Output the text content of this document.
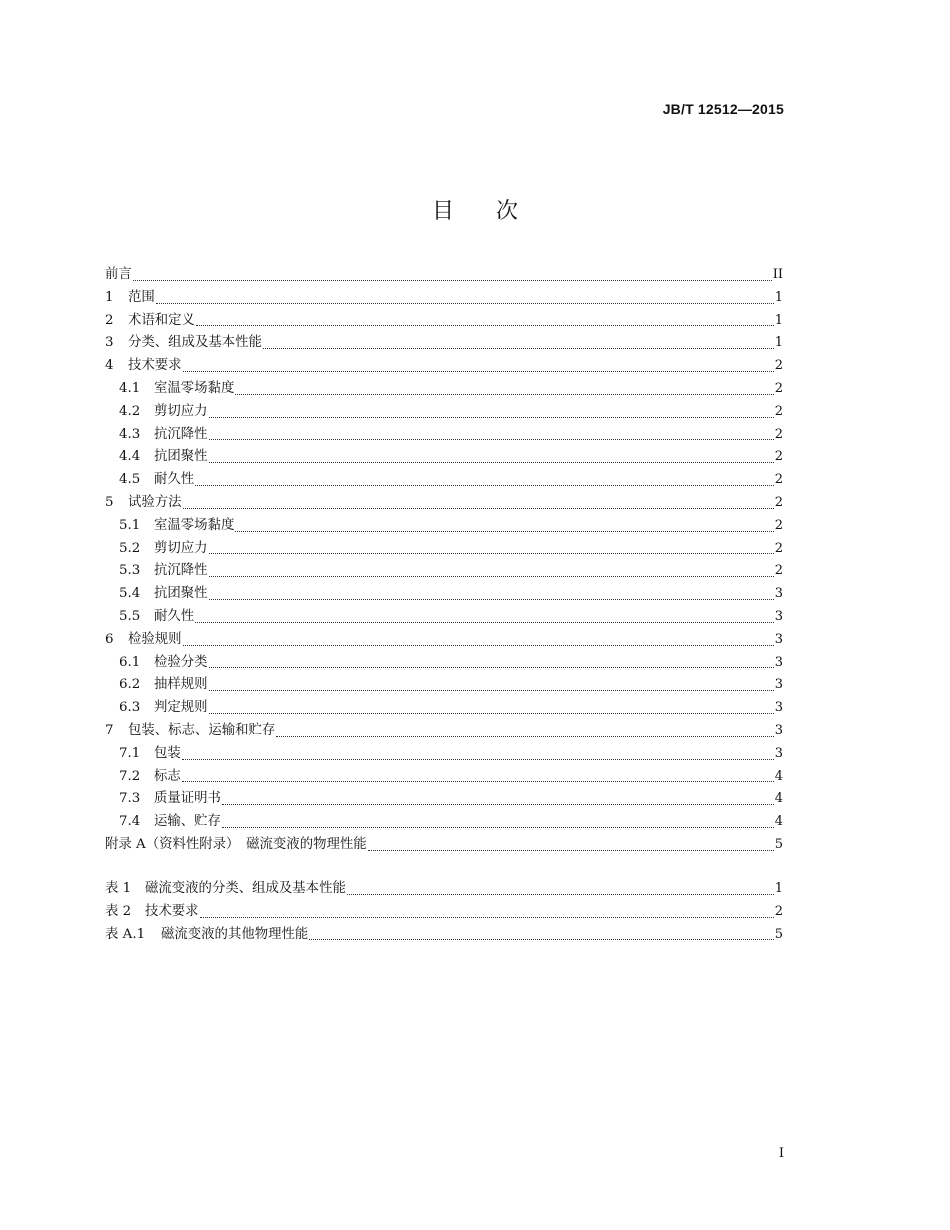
JB/T 12512—2015
目 次
前言	II
1	范围	1
2	术语和定义	1
3	分类、组成及基本性能	1
4	技术要求	2
4.1	室温零场黏度	2
4.2	剪切应力	2
4.3	抗沉降性	2
4.4	抗团聚性	2
4.5	耐久性	2
5	试验方法	2
5.1	室温零场黏度	2
5.2	剪切应力	2
5.3	抗沉降性	2
5.4	抗团聚性	3
5.5	耐久性	3
6	检验规则	3
6.1	检验分类	3
6.2	抽样规则	3
6.3	判定规则	3
7	包装、标志、运输和贮存	3
7.1	包装	3
7.2	标志	4
7.3	质量证明书	4
7.4	运输、贮存	4
附录 A（资料性附录）　磁流变液的物理性能	5
表 1	磁流变液的分类、组成及基本性能	1
表 2	技术要求	2
表 A.1	磁流变液的其他物理性能	5
I
